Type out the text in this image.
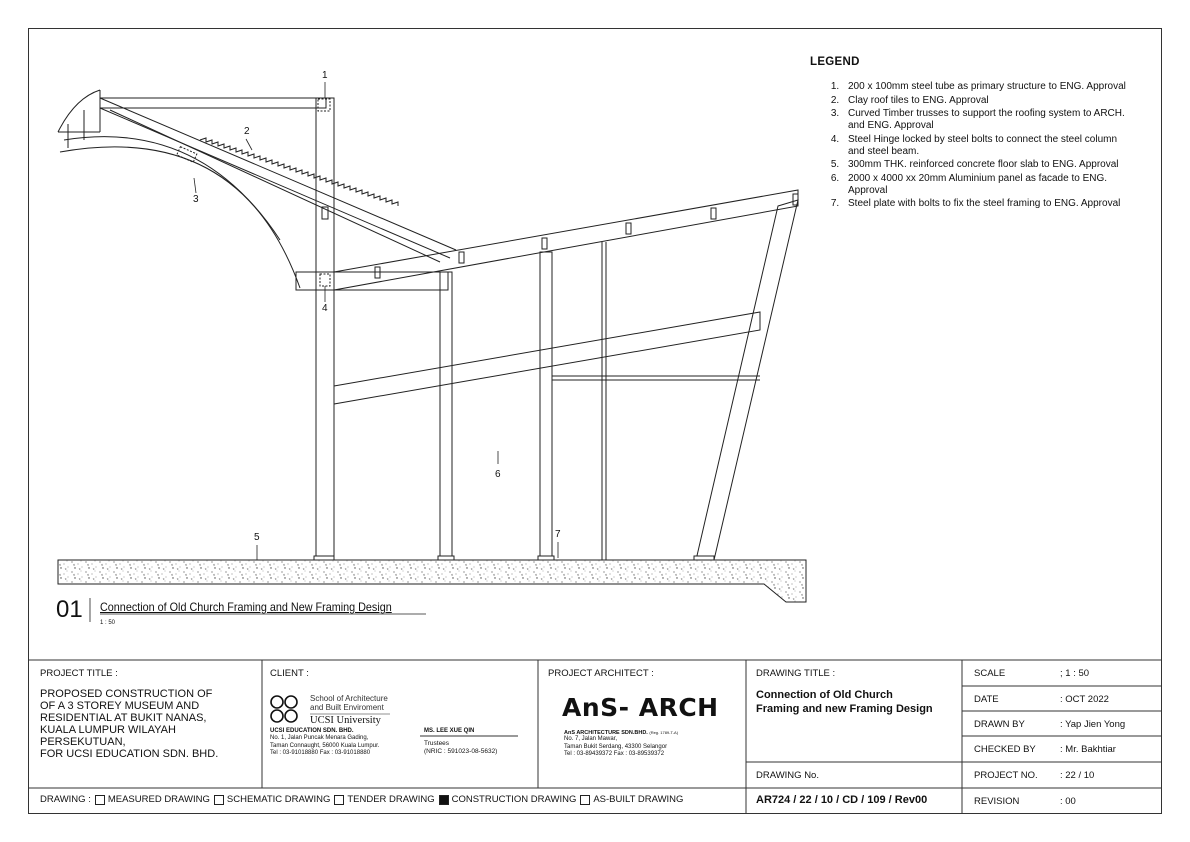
1
2
3
4
5
6
7
01 Connection of Old Church Framing and New Framing Design
1 : 50
LEGEND
1. 200 x 100mm steel tube as primary structure to ENG. Approval
2. Clay roof tiles to ENG. Approval
3. Curved Timber trusses to support the roofing system to ARCH. and ENG. Approval
4. Steel Hinge locked by steel bolts to connect the steel column and steel beam.
5. 300mm THK. reinforced concrete floor slab to ENG. Approval
6. 2000 x 4000 xx 20mm Aluminium panel as facade to ENG. Approval
7. Steel plate with bolts to fix the steel framing to ENG. Approval
PROJECT TITLE :
PROPOSED CONSTRUCTION OF
OF A 3 STOREY MUSEUM AND
RESIDENTIAL AT BUKIT NANAS,
KUALA LUMPUR WILAYAH
PERSEKUTUAN,
FOR UCSI EDUCATION SDN. BHD.
CLIENT :
School of Architecture
and Built Enviroment
UCSI University
UCSI EDUCATION SDN. BHD.
No. 1, Jalan Puncak Menara Gading,
Taman Connaught, 56000 Kuala Lumpur.
Tel : 03-91018880 Fax : 03-91018880
MS. LEE XUE QIN
Trustees
(NRIC : 591023-08-5632)
PROJECT ARCHITECT :
AnS- ARCH
AnS ARCHITECTURE SDN.BHD. (Reg. 1789-T-A)
No. 7, Jalan Mawar,
Taman Bukit Serdang, 43300 Selangor
Tel : 03-89439372 Fax : 03-89539372
DRAWING TITLE :
Connection of Old Church
Framing and new Framing Design
DRAWING No.
AR724 / 22 / 10 / CD / 109 / Rev00
SCALE	; 1 : 50
DATE	: OCT 2022
DRAWN BY	: Yap Jien Yong
CHECKED BY	: Mr. Bakhtiar
PROJECT NO. : 22 / 10
REVISION	: 00
DRAWING : MEASURED DRAWING SCHEMATIC DRAWING TENDER DRAWING CONSTRUCTION DRAWING AS-BUILT DRAWING
